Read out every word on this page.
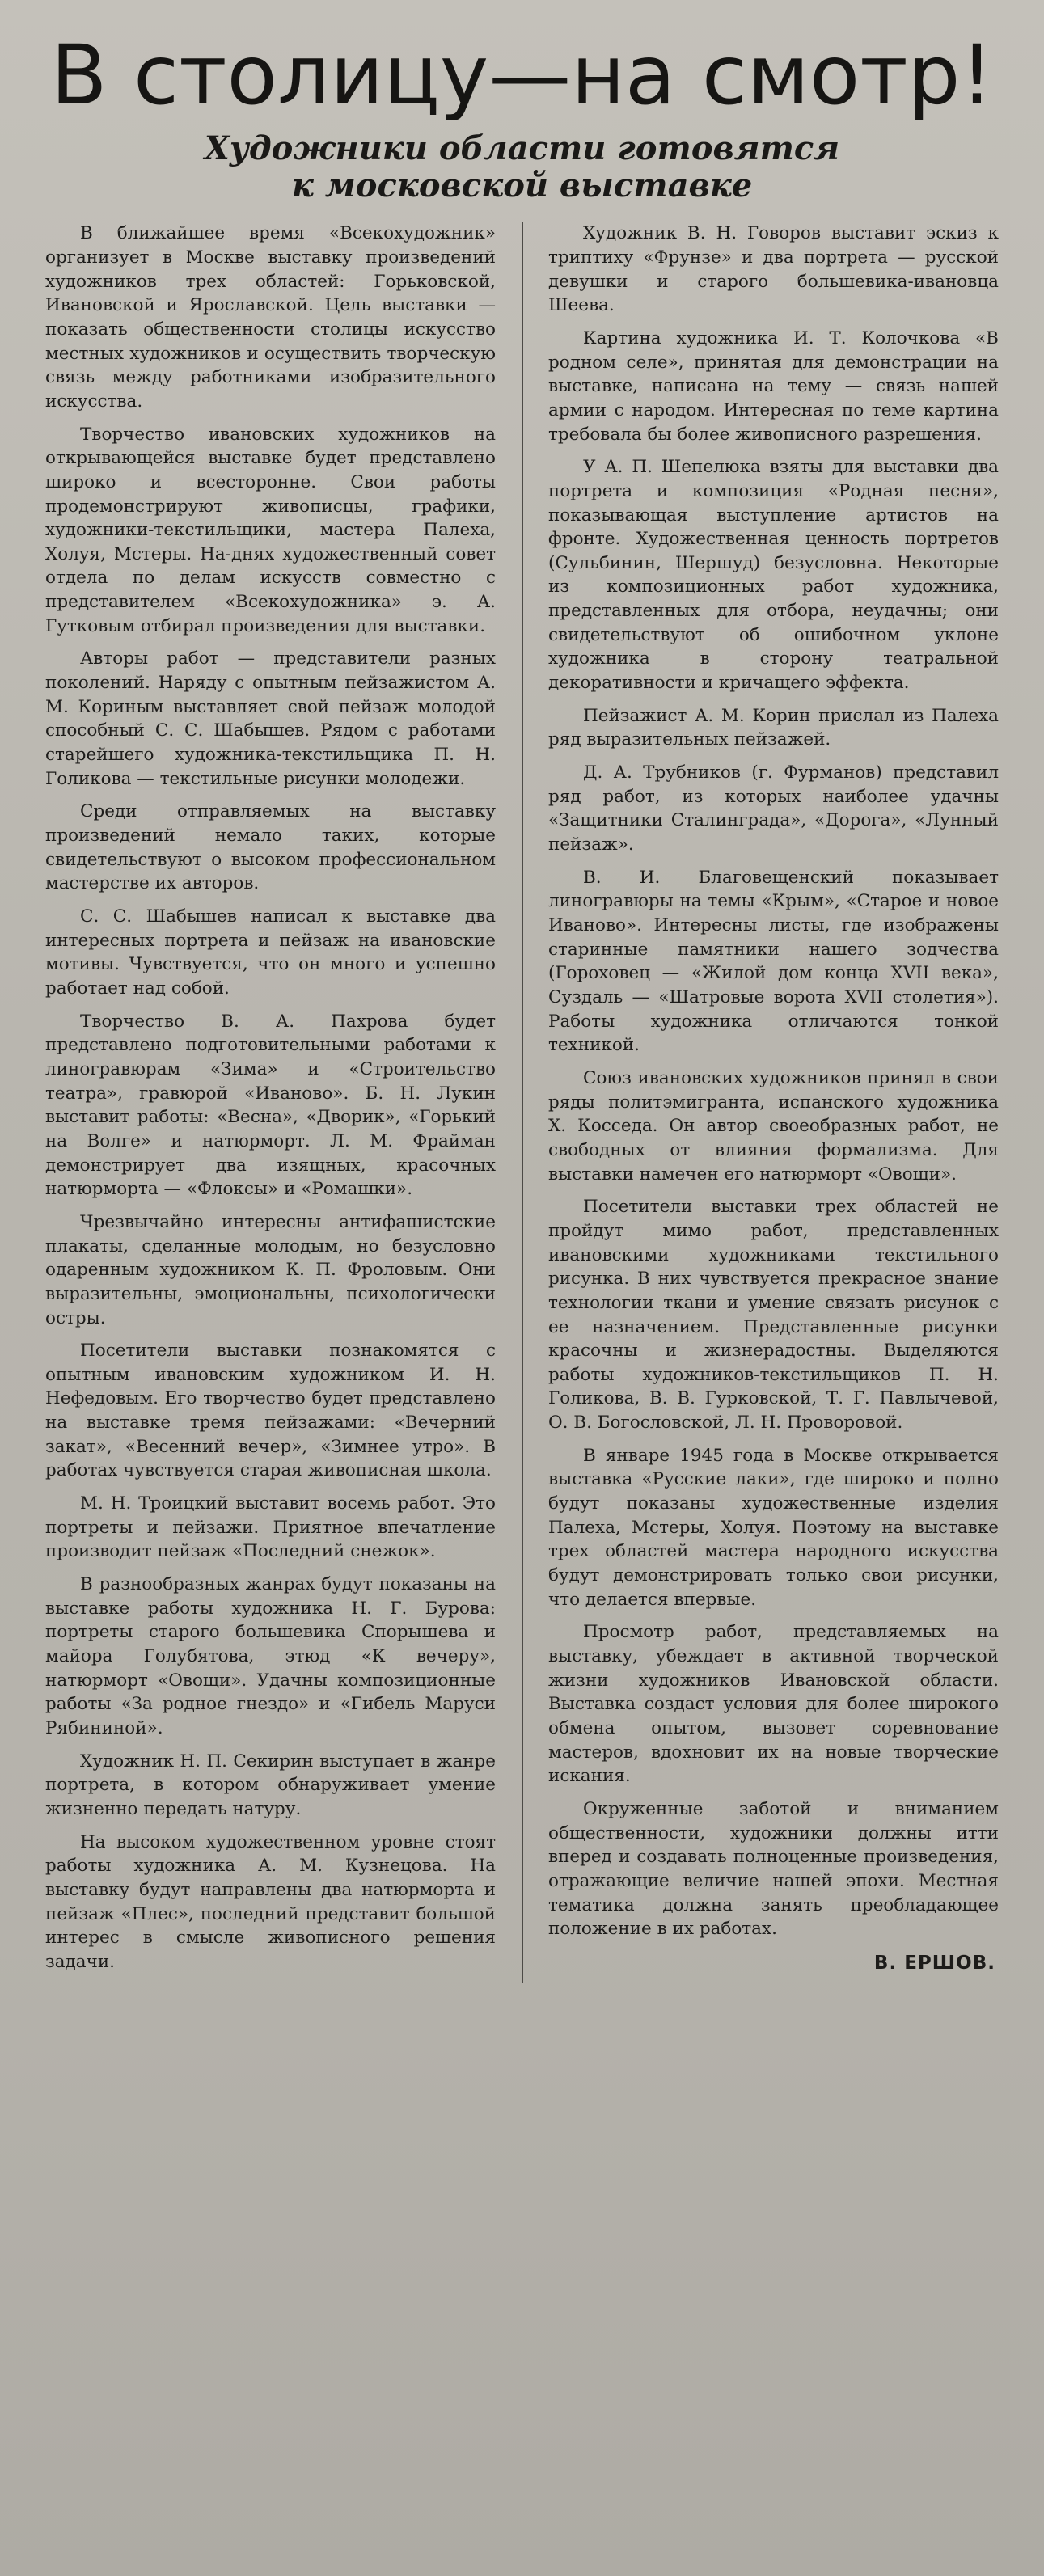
В столицу—на смотр!
Художники области готовятся
к московской выставке

В ближайшее время «Всекохудожник» организует в Москве выставку произведений художников трех областей: Горьковской, Ивановской и Ярославской. Цель выставки — показать общественности столицы искусство местных художников и осуществить творческую связь между работниками изобразительного искусства.

Творчество ивановских художников на открывающейся выставке будет представлено широко и всесторонне. Свои работы продемонстрируют живописцы, графики, художники-текстильщики, мастера Палеха, Холуя, Мстеры. На-днях художественный совет отдела по делам искусств совместно с представителем «Всекохудожника» э. А. Гутковым отбирал произведения для выставки.

Авторы работ — представители разных поколений. Наряду с опытным пейзажистом А. М. Кориным выставляет свой пейзаж молодой способный С. С. Шабышев. Рядом с работами старейшего художника-текстильщика П. Н. Голикова — текстильные рисунки молодежи.

Среди отправляемых на выставку произведений немало таких, которые свидетельствуют о высоком профессиональном мастерстве их авторов.

С. С. Шабышев написал к выставке два интересных портрета и пейзаж на ивановские мотивы. Чувствуется, что он много и успешно работает над собой.

Творчество В. А. Пахрова будет представлено подготовительными работами к линогравюрам «Зима» и «Строительство театра», гравюрой «Иваново». Б. Н. Лукин выставит работы: «Весна», «Дворик», «Горький на Волге» и натюрморт. Л. М. Фрайман демонстрирует два изящных, красочных натюрморта — «Флоксы» и «Ромашки».

Чрезвычайно интересны антифашистские плакаты, сделанные молодым, но безусловно одаренным художником К. П. Фроловым. Они выразительны, эмоциональны, психологически остры.

Посетители выставки познакомятся с опытным ивановским художником И. Н. Нефедовым. Его творчество будет представлено на выставке тремя пейзажами: «Вечерний закат», «Весенний вечер», «Зимнее утро». В работах чувствуется старая живописная школа.

М. Н. Троицкий выставит восемь работ. Это портреты и пейзажи. Приятное впечатление производит пейзаж «Последний снежок».

В разнообразных жанрах будут показаны на выставке работы художника Н. Г. Бурова: портреты старого большевика Спорышева и майора Голубятова, этюд «К вечеру», натюрморт «Овощи». Удачны композиционные работы «За родное гнездо» и «Гибель Маруси Рябининой».

Художник Н. П. Секирин выступает в жанре портрета, в котором обнаруживает умение жизненно передать натуру.

На высоком художественном уровне стоят работы художника А. М. Кузнецова. На выставку будут направлены два натюрморта и пейзаж «Плес», последний представит большой интерес в смысле живописного решения задачи.

Художник В. Н. Говоров выставит эскиз к триптиху «Фрунзе» и два портрета — русской девушки и старого большевика-ивановца Шеева.

Картина художника И. Т. Колочкова «В родном селе», принятая для демонстрации на выставке, написана на тему — связь нашей армии с народом. Интересная по теме картина требовала бы более живописного разрешения.

У А. П. Шепелюка взяты для выставки два портрета и композиция «Родная песня», показывающая выступление артистов на фронте. Художественная ценность портретов (Сульбинин, Шершуд) безусловна. Некоторые из композиционных работ художника, представленных для отбора, неудачны; они свидетельствуют об ошибочном уклоне художника в сторону театральной декоративности и кричащего эффекта.

Пейзажист А. М. Корин прислал из Палеха ряд выразительных пейзажей.

Д. А. Трубников (г. Фурманов) представил ряд работ, из которых наиболее удачны «Защитники Сталинграда», «Дорога», «Лунный пейзаж».

В. И. Благовещенский показывает линогравюры на темы «Крым», «Старое и новое Иваново». Интересны листы, где изображены старинные памятники нашего зодчества (Гороховец — «Жилой дом конца XVII века», Суздаль — «Шатровые ворота XVII столетия»). Работы художника отличаются тонкой техникой.

Союз ивановских художников принял в свои ряды политэмигранта, испанского художника Х. Косседа. Он автор своеобразных работ, не свободных от влияния формализма. Для выставки намечен его натюрморт «Овощи».

Посетители выставки трех областей не пройдут мимо работ, представленных ивановскими художниками текстильного рисунка. В них чувствуется прекрасное знание технологии ткани и умение связать рисунок с ее назначением. Представленные рисунки красочны и жизнерадостны. Выделяются работы художников-текстильщиков П. Н. Голикова, В. В. Гурковской, Т. Г. Павлычевой, О. В. Богословской, Л. Н. Проворовой.

В январе 1945 года в Москве открывается выставка «Русские лаки», где широко и полно будут показаны художественные изделия Палеха, Мстеры, Холуя. Поэтому на выставке трех областей мастера народного искусства будут демонстрировать только свои рисунки, что делается впервые.

Просмотр работ, представляемых на выставку, убеждает в активной творческой жизни художников Ивановской области. Выставка создаст условия для более широкого обмена опытом, вызовет соревнование мастеров, вдохновит их на новые творческие искания.

Окруженные заботой и вниманием общественности, художники должны итти вперед и создавать полноценные произведения, отражающие величие нашей эпохи. Местная тематика должна занять преобладающее положение в их работах.

В. ЕРШОВ.
